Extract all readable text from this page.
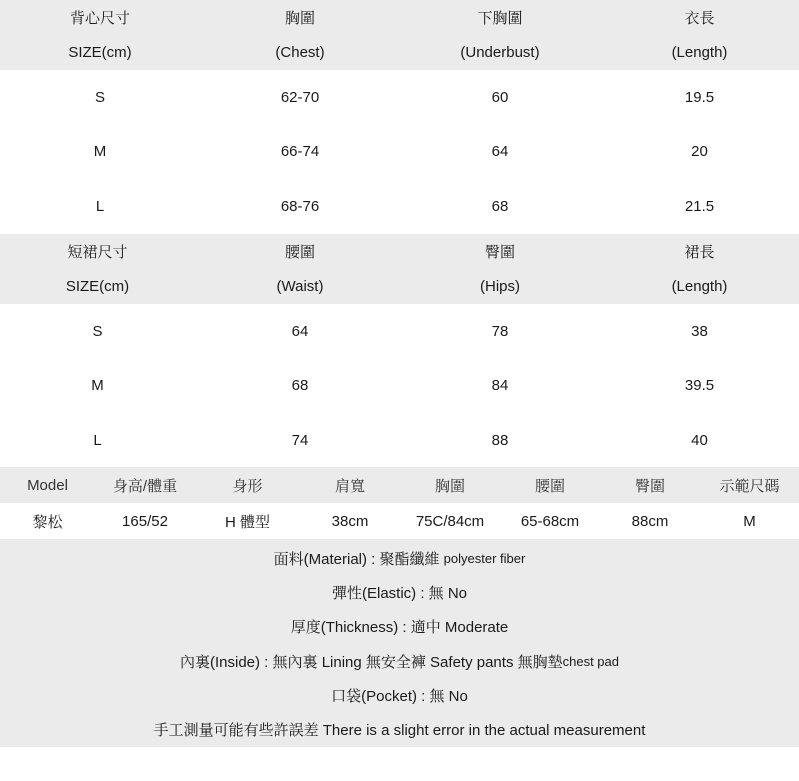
背心尺寸	胸圍	下胸圍	衣長
SIZE(cm)	(Chest)	(Underbust)	(Length)
S	62-70	60	19.5
M	66-74	64	20
L	68-76	68	21.5
短裙尺寸	腰圍	臀圍	裙長
SIZE(cm)	(Waist)	(Hips)	(Length)
S	64	78	38
M	68	84	39.5
L	74	88	40
Model	身高/體重	身形	肩寬	胸圍	腰圍	臀圍	示範尺碼
黎松	165/52	H 體型	38cm	75C/84cm	65-68cm	88cm	M
面料(Material) : 聚酯纖維
polyester fiber
彈性(Elastic) : 無 No
厚度(Thickness) : 適中 Moderate
內裏(Inside) : 無內裏 Lining 無安全褲 Safety pants 無胸墊 chest pad
口袋(Pocket) : 無 No
手工測量可能有些許誤差 There is a slight error in the actual measurement
